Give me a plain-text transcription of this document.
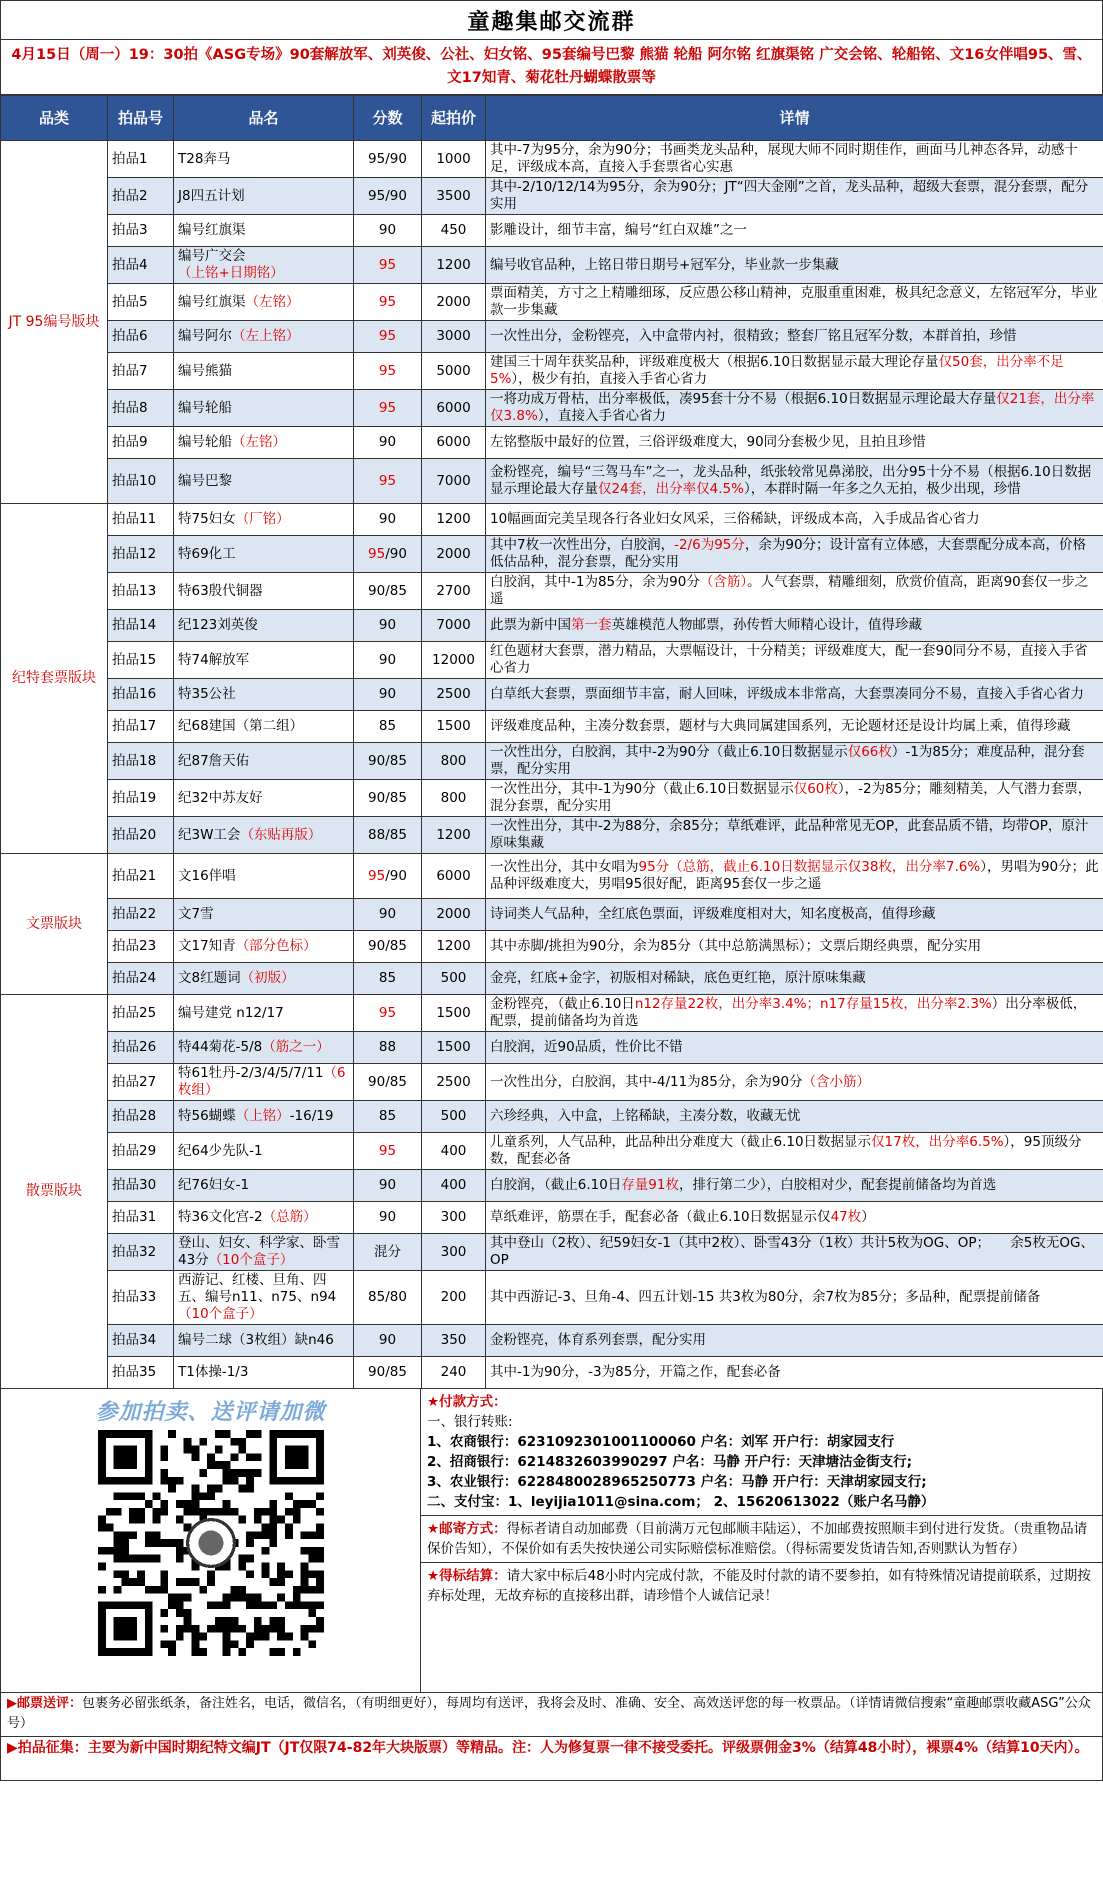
童趣集邮交流群
4月15日（周一）19：30拍《ASG专场》90套解放军、刘英俊、公社、妇女铭、95套编号巴黎 熊猫 轮船 阿尔铭 红旗渠铭 广交会铭、轮船铭、文16女伴唱95、雪、文17知青、菊花牡丹蝴蝶散票等
品类	拍品号	品名	分数	起拍价	详情
JT 95编号版块	拍品1	T28奔马	95/90	1000	其中-7为95分，余为90分；书画类龙头品种，展现大师不同时期佳作，画面马儿神态各异，动感十足，评级成本高，直接入手套票省心实惠
	拍品2	J8四五计划	95/90	3500	其中-2/10/12/14为95分，余为90分；JT“四大金刚”之首，龙头品种，超级大套票，混分套票，配分实用
	拍品3	编号红旗渠	90	450	影雕设计，细节丰富，编号“红白双雄”之一
	拍品4	编号广交会（上铭+日期铭）	95	1200	编号收官品种，上铭日带日期号+冠军分，毕业款一步集藏
	拍品5	编号红旗渠（左铭）	95	2000	票面精美，方寸之上精雕细琢，反应愚公移山精神，克服重重困难，极具纪念意义，左铭冠军分，毕业款一步集藏
	拍品6	编号阿尔（左上铭）	95	3000	一次性出分，金粉铿亮，入中盒带内衬，很精致；整套厂铭且冠军分数，本群首拍，珍惜
	拍品7	编号熊猫	95	5000	建国三十周年获奖品种，评级难度极大（根据6.10日数据显示最大理论存量仅50套，出分率不足5%），极少有拍，直接入手省心省力
	拍品8	编号轮船	95	6000	一将功成万骨枯，出分率极低，凑95套十分不易（根据6.10日数据显示理论最大存量仅21套，出分率仅3.8%），直接入手省心省力
	拍品9	编号轮船（左铭）	90	6000	左铭整版中最好的位置，三俗评级难度大，90同分套极少见，且拍且珍惜
	拍品10	编号巴黎	95	7000	金粉铿亮，编号“三驾马车”之一，龙头品种，纸张较常见鼻涕胶，出分95十分不易（根据6.10日数据显示理论最大存量仅24套，出分率仅4.5%），本群时隔一年多之久无拍，极少出现，珍惜
纪特套票版块	拍品11	特75妇女（厂铭）	90	1200	10幅画面完美呈现各行各业妇女风采，三俗稀缺，评级成本高，入手成品省心省力
	拍品12	特69化工	95/90	2000	其中7枚一次性出分，白胶润，-2/6为95分，余为90分；设计富有立体感，大套票配分成本高，价格低估品种，混分套票，配分实用
	拍品13	特63殷代铜器	90/85	2700	白胶润，其中-1为85分，余为90分（含筋）。人气套票，精雕细刻，欣赏价值高，距离90套仅一步之遥
	拍品14	纪123刘英俊	90	7000	此票为新中国第一套英雄模范人物邮票，孙传哲大师精心设计，值得珍藏
	拍品15	特74解放军	90	12000	红色题材大套票，潜力精品，大票幅设计，十分精美；评级难度大，配一套90同分不易，直接入手省心省力
	拍品16	特35公社	90	2500	白草纸大套票，票面细节丰富，耐人回味，评级成本非常高，大套票凑同分不易，直接入手省心省力
	拍品17	纪68建国（第二组）	85	1500	评级难度品种，主凑分数套票，题材与大典同属建国系列，无论题材还是设计均属上乘，值得珍藏
	拍品18	纪87詹天佑	90/85	800	一次性出分，白胶润，其中-2为90分（截止6.10日数据显示仅66枚）-1为85分；难度品种，混分套票，配分实用
	拍品19	纪32中苏友好	90/85	800	一次性出分，其中-1为90分（截止6.10日数据显示仅60枚），-2为85分；雕刻精美，人气潜力套票，混分套票，配分实用
	拍品20	纪3W工会（东贴再版）	88/85	1200	一次性出分，其中-2为88分，余85分；草纸难评，此品种常见无OP，此套品质不错，均带OP，原汁原味集藏
文票版块	拍品21	文16伴唱	95/90	6000	一次性出分，其中女唱为95分（总筋，截止6.10日数据显示仅38枚，出分率7.6%），男唱为90分；此品种评级难度大，男唱95很好配，距离95套仅一步之遥
	拍品22	文7雪	90	2000	诗词类人气品种，全红底色票面，评级难度相对大，知名度极高，值得珍藏
	拍品23	文17知青（部分色标）	90/85	1200	其中赤脚/挑担为90分，余为85分（其中总筋满黑标）；文票后期经典票，配分实用
	拍品24	文8红题词（初版）	85	500	金亮，红底+金字，初版相对稀缺，底色更红艳，原汁原味集藏
散票版块	拍品25	编号建党 n12/17	95	1500	金粉铿亮，（截止6.10日n12存量22枚，出分率3.4%；n17存量15枚，出分率2.3%）出分率极低，配票，提前储备均为首选
	拍品26	特44菊花-5/8（筋之一）	88	1500	白胶润，近90品质，性价比不错
	拍品27	特61牡丹-2/3/4/5/7/11（6枚组）	90/85	2500	一次性出分，白胶润，其中-4/11为85分，余为90分（含小筋）
	拍品28	特56蝴蝶（上铭）-16/19	85	500	六珍经典，入中盒，上铭稀缺，主凑分数，收藏无忧
	拍品29	纪64少先队-1	95	400	儿童系列，人气品种，此品种出分难度大（截止6.10日数据显示仅17枚，出分率6.5%），95顶级分数，配套必备
	拍品30	纪76妇女-1	90	400	白胶润，（截止6.10日存量91枚，排行第二少），白胶相对少，配套提前储备均为首选
	拍品31	特36文化宫-2（总筋）	90	300	草纸难评，筋票在手，配套必备（截止6.10日数据显示仅47枚）
	拍品32	登山、妇女、科学家、卧雪43分（10个盒子）	混分	300	其中登山（2枚）、纪59妇女-1（其中2枚）、卧雪43分（1枚）共计5枚为OG、OP；　　余5枚无OG、OP
	拍品33	西游记、红楼、旦角、四五、编号n11、n75、n94（10个盒子）	85/80	200	其中西游记-3、旦角-4、四五计划-15 共3枚为80分，余7枚为85分；多品种，配票提前储备
	拍品34	编号二球（3枚组）缺n46	90	350	金粉铿亮，体育系列套票，配分实用
	拍品35	T1体操-1/3	90/85	240	其中-1为90分，-3为85分，开篇之作，配套必备
参加拍卖、送评请加微	★付款方式：
一、银行转账:
1、农商银行：6231092301001100060 户名：刘军 开户行：胡家园支行
2、招商银行：6214832603990297 户名：马静 开户行：天津塘沽金街支行;
3、农业银行：6228480028965250773 户名：马静 开户行：天津胡家园支行;
二、支付宝：1、leyijia1011@sina.com； 2、15620613022（账户名马静）
★邮寄方式：得标者请自动加邮费（目前满万元包邮顺丰陆运），不加邮费按照顺丰到付进行发货。（贵重物品请保价告知），不保价如有丢失按快递公司实际赔偿标准赔偿。（得标需要发货请告知,否则默认为暂存）
★得标结算：请大家中标后48小时内完成付款，不能及时付款的请不要参拍，如有特殊情况请提前联系，过期按弃标处理，无故弃标的直接移出群，请珍惜个人诚信记录！
▶邮票送评：包裹务必留张纸条，备注姓名，电话，微信名，（有明细更好），每周均有送评，我将会及时、准确、安全、高效送评您的每一枚票品。（详情请微信搜索“童趣邮票收藏ASG”公众号）
▶拍品征集：主要为新中国时期纪特文编JT（JT仅限74-82年大块版票）等精品。注：人为修复票一律不接受委托。评级票佣金3%（结算48小时），裸票4%（结算10天内）。
